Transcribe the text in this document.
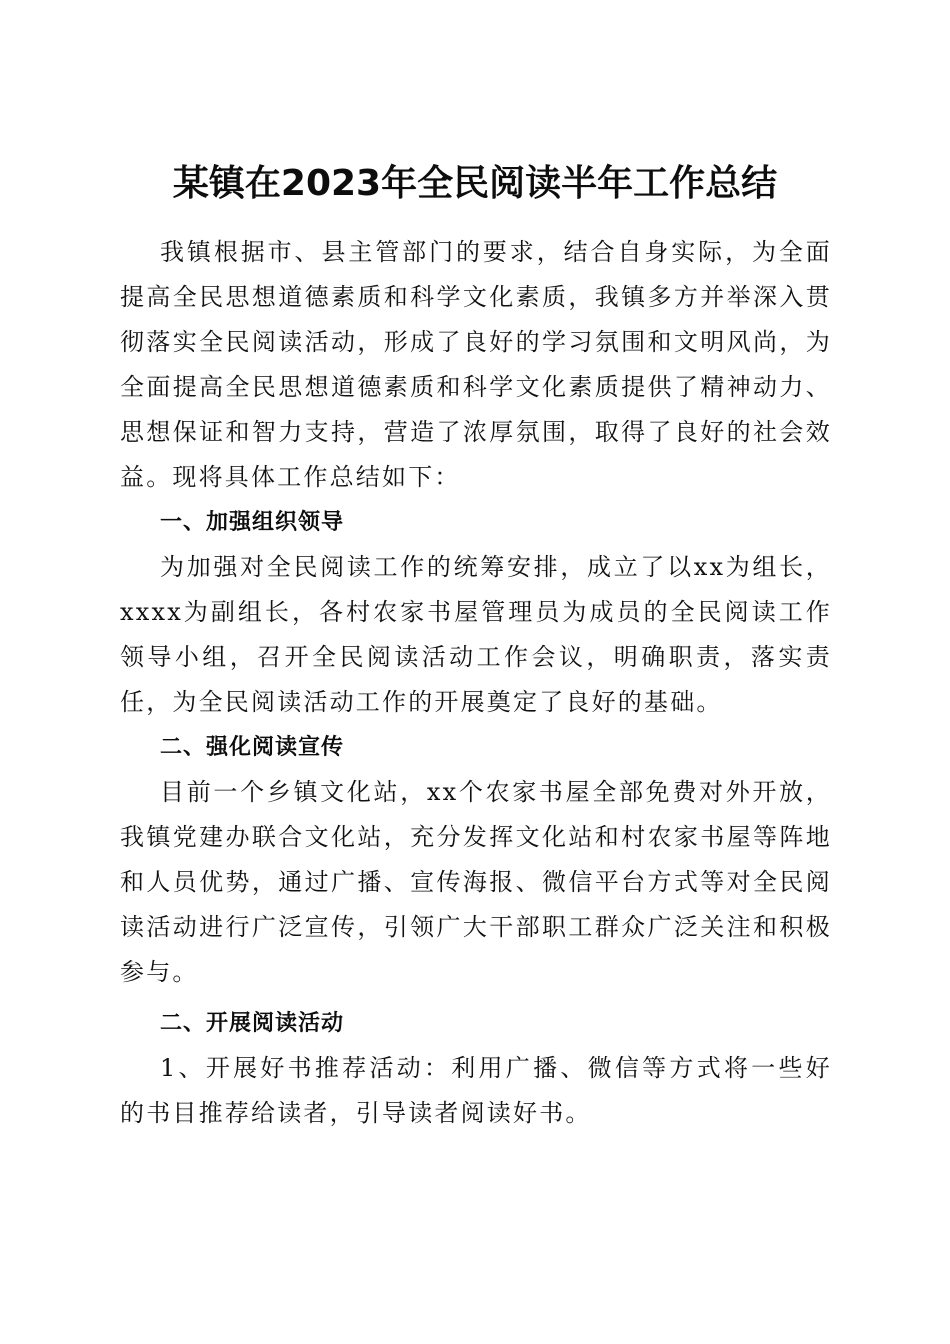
某镇在2023年全民阅读半年工作总结

我镇根据市、县主管部门的要求，结合自身实际，为全面提高全民思想道德素质和科学文化素质，我镇多方并举深入贯彻落实全民阅读活动，形成了良好的学习氛围和文明风尚，为全面提高全民思想道德素质和科学文化素质提供了精神动力、思想保证和智力支持，营造了浓厚氛围，取得了良好的社会效益。现将具体工作总结如下：

一、加强组织领导

为加强对全民阅读工作的统筹安排，成立了以xx为组长，xxxx为副组长，各村农家书屋管理员为成员的全民阅读工作领导小组，召开全民阅读活动工作会议，明确职责，落实责任，为全民阅读活动工作的开展奠定了良好的基础。

二、强化阅读宣传

目前一个乡镇文化站，xx个农家书屋全部免费对外开放，我镇党建办联合文化站，充分发挥文化站和村农家书屋等阵地和人员优势，通过广播、宣传海报、微信平台方式等对全民阅读活动进行广泛宣传，引领广大干部职工群众广泛关注和积极参与。

二、开展阅读活动

1、开展好书推荐活动：利用广播、微信等方式将一些好的书目推荐给读者，引导读者阅读好书。
